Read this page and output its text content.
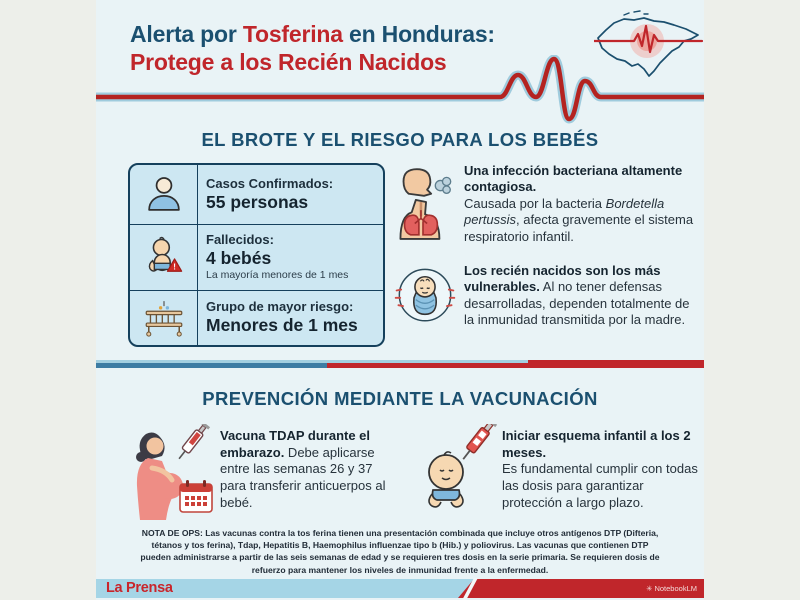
Alerta por Tosferina en Honduras:
Protege a los Recién Nacidos
EL BROTE Y EL RIESGO PARA LOS BEBÉS
Casos Confirmados:
55 personas
!
Fallecidos:
4 bebés
La mayoría menores de 1 mes
Grupo de mayor riesgo:
Menores de 1 mes
Una infección bacteriana altamente contagiosa.
Causada por la bacteria Bordetella pertussis, afecta gravemente el sistema respiratorio infantil.
Los recién nacidos son los más vulnerables. Al no tener defensas desarrolladas, dependen totalmente de la inmunidad transmitida por la madre.
PREVENCIÓN MEDIANTE LA VACUNACIÓN
Vacuna TDAP durante el embarazo. Debe aplicarse entre las semanas 26 y 37 para transferir anticuerpos al bebé.
Iniciar esquema infantil a los 2 meses.
Es fundamental cumplir con todas las dosis para garantizar protección a largo plazo.
NOTA DE OPS: Las vacunas contra la tos ferina tienen una presentación combinada que incluye otros antígenos DTP (Difteria, tétanos y tos ferina), Tdap, Hepatitis B, Haemophilus influenzae tipo b (Hib.) y poliovirus. Las vacunas que contienen DTP pueden administrarse a partir de las seis semanas de edad y se requieren tres dosis en la serie primaria. Se requieren dosis de refuerzo para mantener los niveles de inmunidad frente a la enfermedad.
La Prensa	✳ NotebookLM
